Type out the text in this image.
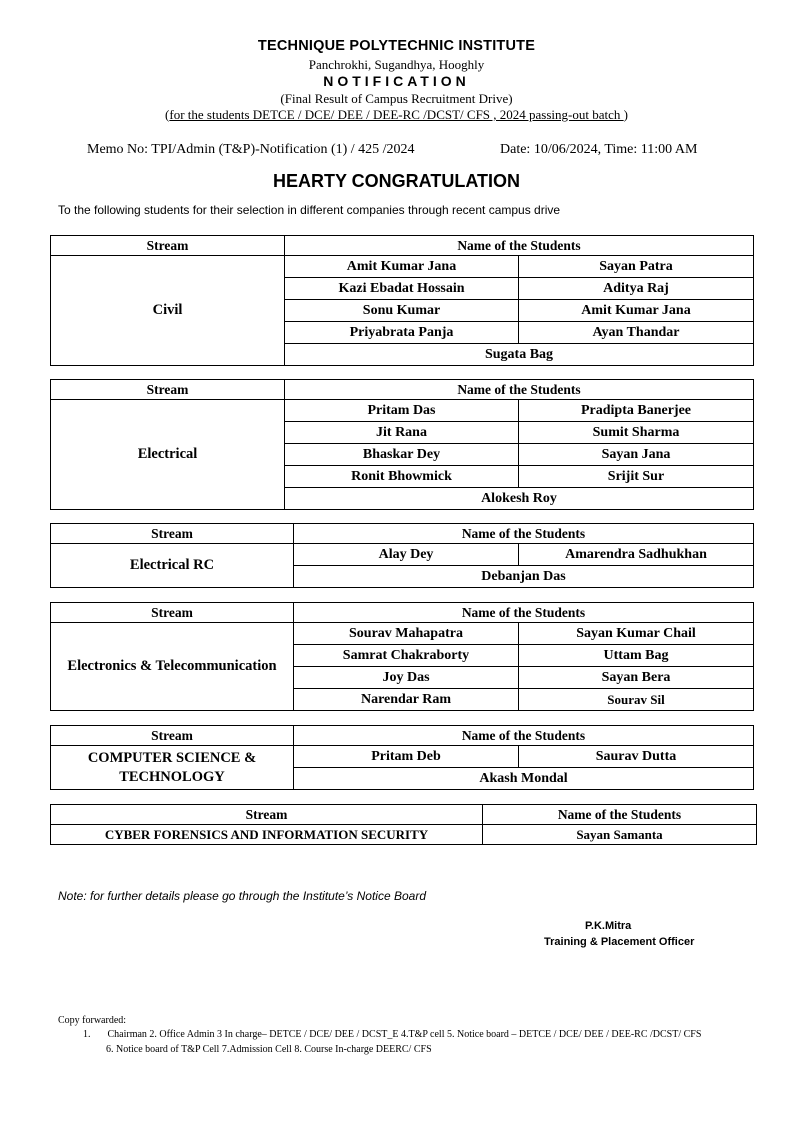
TECHNIQUE POLYTECHNIC INSTITUTE
Panchrokhi, Sugandhya, Hooghly
NOTIFICATION
(Final Result of Campus Recruitment Drive)
(for the students DETCE / DCE/ DEE / DEE-RC /DCST/ CFS , 2024 passing-out batch )
Memo No: TPI/Admin (T&P)-Notification (1) / 425 /2024	Date: 10/06/2024, Time: 11:00 AM
HEARTY CONGRATULATION
To the following students for their selection in different companies through recent campus drive
Stream	Name of the Students	
Civil	Amit Kumar Jana	Sayan Patra
	Kazi Ebadat Hossain	Aditya Raj
	Sonu Kumar	Amit Kumar Jana
	Priyabrata Panja	Ayan Thandar
	Sugata Bag	
Stream	Name of the Students	
Electrical	Pritam Das	Pradipta Banerjee
	Jit Rana	Sumit Sharma
	Bhaskar Dey	Sayan Jana
	Ronit Bhowmick	Srijit Sur
	Alokesh Roy	
Stream	Name of the Students	
Electrical RC	Alay Dey	Amarendra Sadhukhan
	Debanjan Das	
Stream	Name of the Students	
Electronics & Telecommunication	Sourav Mahapatra	Sayan Kumar Chail
	Samrat Chakraborty	Uttam Bag
	Joy Das	Sayan Bera
	Narendar Ram	Sourav Sil
Stream	Name of the Students	
COMPUTER SCIENCE & TECHNOLOGY	Pritam Deb	Saurav Dutta
	Akash Mondal	
Stream	Name of the Students
CYBER FORENSICS AND INFORMATION SECURITY	Sayan Samanta
Note: for further details please go through the Institute’s Notice Board
P.K.Mitra
Training & Placement Officer
Copy forwarded:
1. Chairman 2. Office Admin 3 In charge– DETCE / DCE/ DEE / DCST_E 4.T&P cell 5. Notice board – DETCE / DCE/ DEE / DEE-RC /DCST/ CFS
6. Notice board of T&P Cell 7.Admission Cell 8. Course In-charge DEERC/ CFS
